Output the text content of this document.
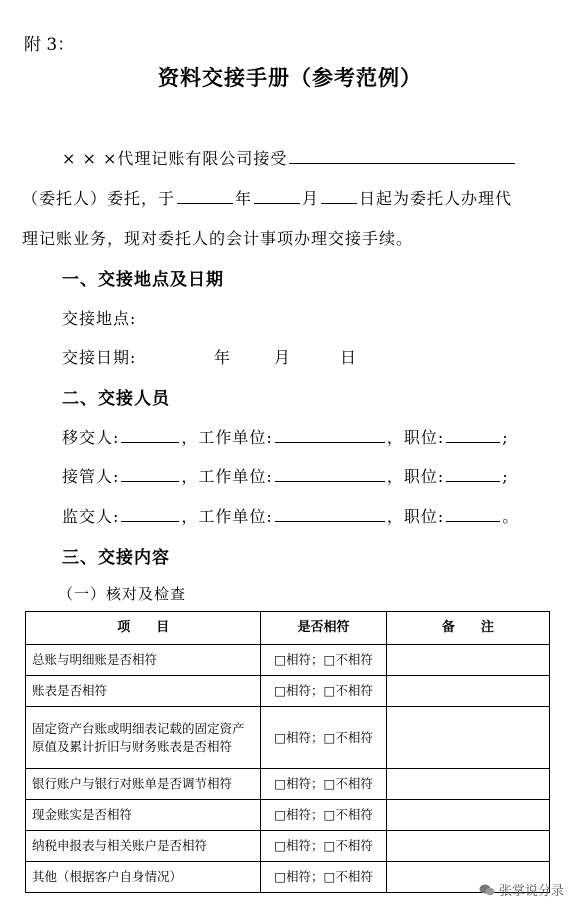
附 3：
资料交接手册（参考范例）
× × ×代理记账有限公司接受
（委托人）委托，于	年	月	日起为委托人办理代
理记账业务，现对委托人的会计事项办理交接手续。
一、交接地点及日期
交接地点:
交接日期:	年	月	日
二、交接人员
移交人:	，工作单位:	，职位:	;
接管人:	，工作单位:	，职位:	;
监交人:	，工作单位:	，职位:	。
三、交接内容
（一）核对及检查
项　　目	是否相符	备　　注
总账与明细账是否相符	□相符；□不相符	
账表是否相符	□相符；□不相符	
固定资产台账或明细表记载的固定资产原值及累计折旧与财务账表是否相符	□相符；□不相符	
银行账户与银行对账单是否调节相符	□相符；□不相符	
现金账实是否相符	□相符；□不相符	
纳税申报表与相关账户是否相符	□相符；□不相符	
其他（根据客户自身情况）	□相符；□不相符	
张掌说分录
